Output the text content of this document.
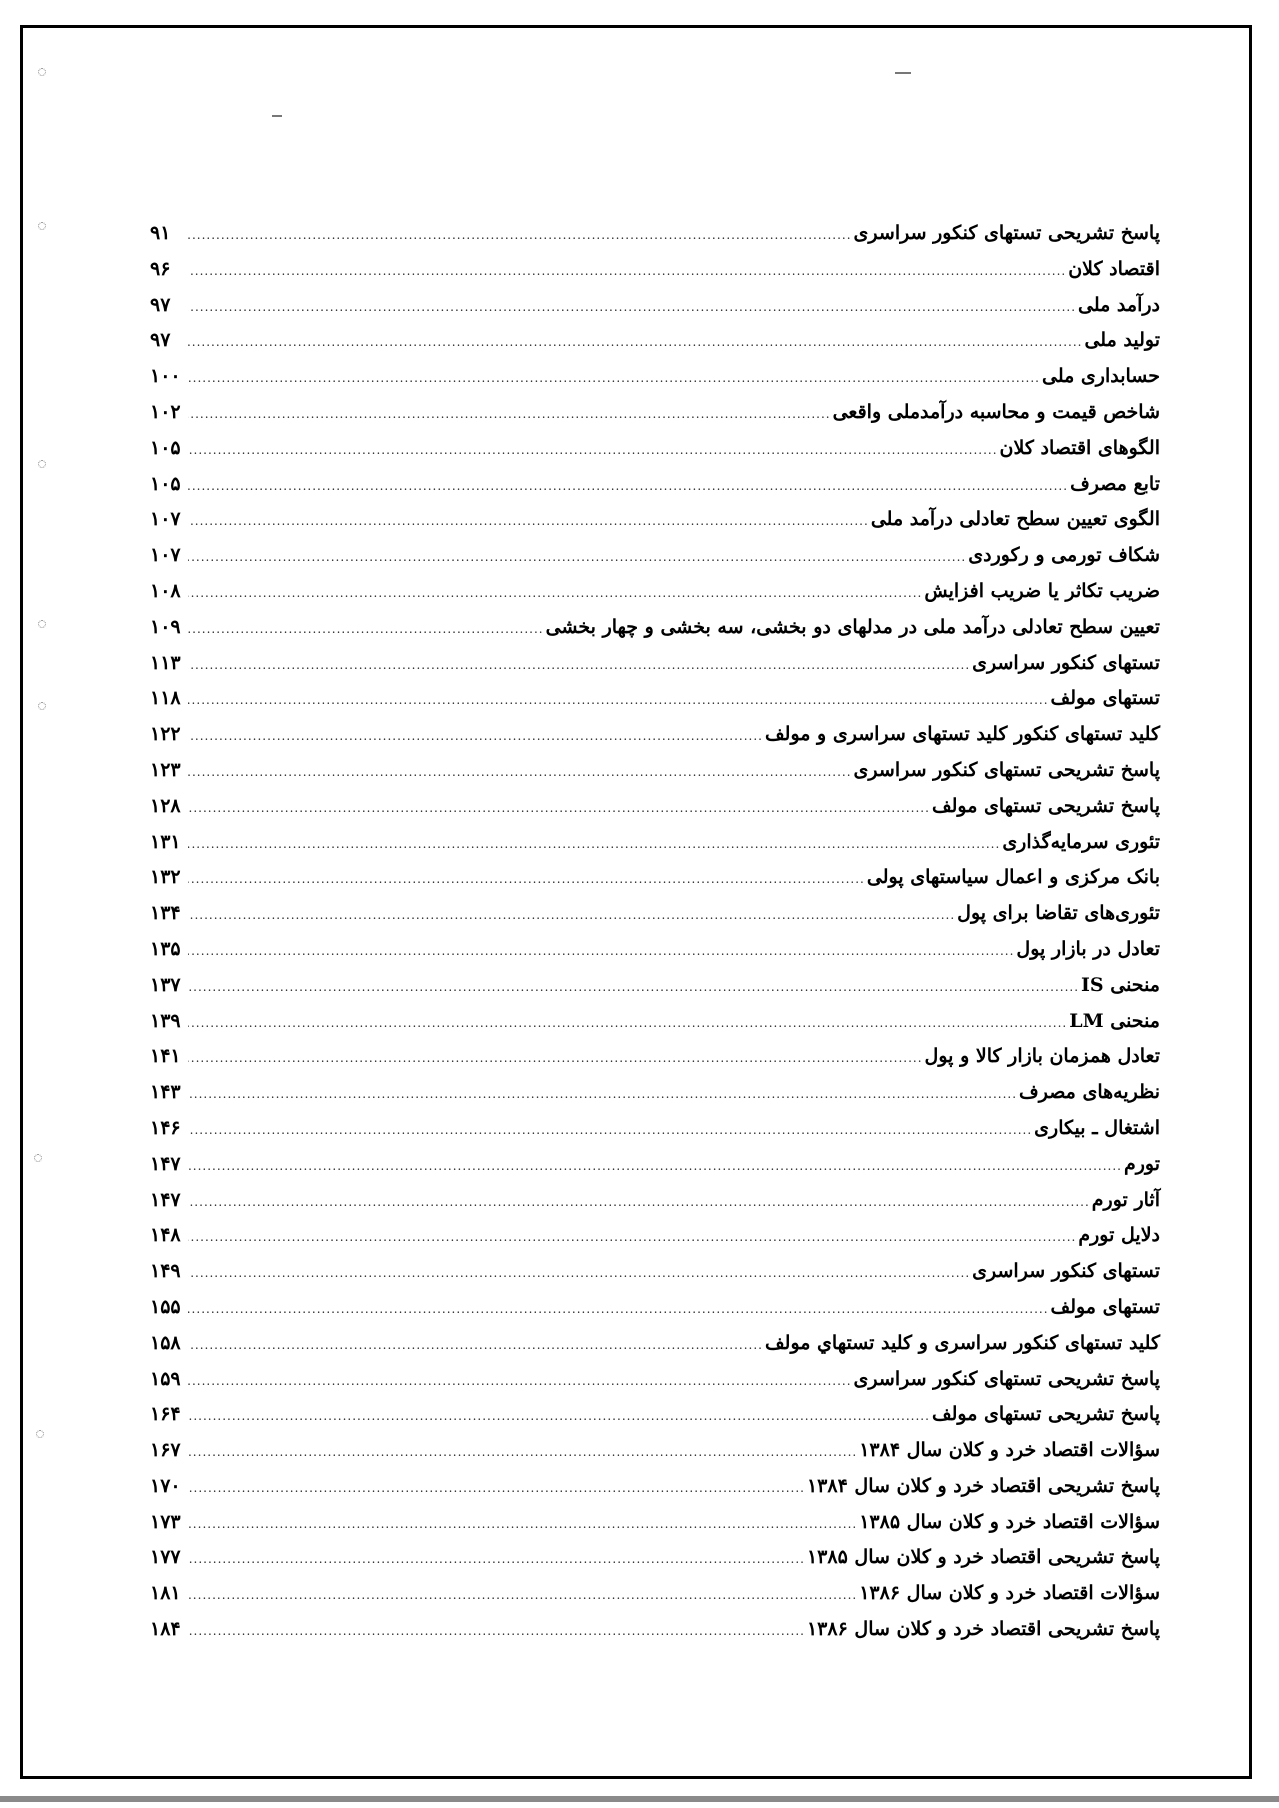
پاسخ تشریحی تستهای کنکور سراسری
.....
۹۱
اقتصاد کلان
.....
۹۶
درآمد ملی
.....
۹۷
تولید ملی
.....
۹۷
حسابداری ملی
.....
۱۰۰
شاخص قیمت و محاسبه درآمدملی واقعی
.....
۱۰۲
الگوهای اقتصاد کلان
.....
۱۰۵
تابع مصرف
.....
۱۰۵
الگوی تعیین سطح تعادلی درآمد ملی
.....
۱۰۷
شکاف تورمی و رکوردی
.....
۱۰۷
ضریب تکاثر یا ضریب افزایش
.....
۱۰۸
تعیین سطح تعادلی درآمد ملی در مدلهای دو بخشی، سه بخشی و چهار بخشی
.....
۱۰۹
تستهای کنکور سراسری
.....
۱۱۳
تستهای مولف
.....
۱۱۸
کلید تستهای کنکور کلید تستهای سراسری و مولف
.....
۱۲۲
پاسخ تشریحی تستهای کنکور سراسری
.....
۱۲۳
پاسخ تشریحی تستهای مولف
.....
۱۲۸
تئوری سرمایه‌گذاری
.....
۱۳۱
بانک مرکزی و اعمال سیاستهای پولی
.....
۱۳۲
تئوری‌های تقاضا برای پول
.....
۱۳۴
تعادل در بازار پول
.....
۱۳۵
منحنی IS
.....
۱۳۷
منحنی LM
.....
۱۳۹
تعادل همزمان بازار کالا و پول
.....
۱۴۱
نظریه‌های مصرف
.....
۱۴۳
اشتغال ـ بیکاری
.....
۱۴۶
تورم
.....
۱۴۷
آثار تورم
.....
۱۴۷
دلایل تورم
.....
۱۴۸
تستهای کنکور سراسری
.....
۱۴۹
تستهای مولف
.....
۱۵۵
کلید تستهای کنکور سراسری و کلید تستهاي مولف
.....
۱۵۸
پاسخ تشریحی تستهای کنکور سراسری
.....
۱۵۹
پاسخ تشریحی تستهای مولف
.....
۱۶۴
سؤالات اقتصاد خرد و کلان سال ۱۳۸۴
.....
۱۶۷
پاسخ تشریحی اقتصاد خرد و کلان سال ۱۳۸۴
.....
۱۷۰
سؤالات اقتصاد خرد و کلان سال ۱۳۸۵
.....
۱۷۳
پاسخ تشریحی اقتصاد خرد و کلان سال ۱۳۸۵
.....
۱۷۷
سؤالات اقتصاد خرد و کلان سال ۱۳۸۶
.....
۱۸۱
پاسخ تشریحی اقتصاد خرد و کلان سال ۱۳۸۶
.....
۱۸۴
